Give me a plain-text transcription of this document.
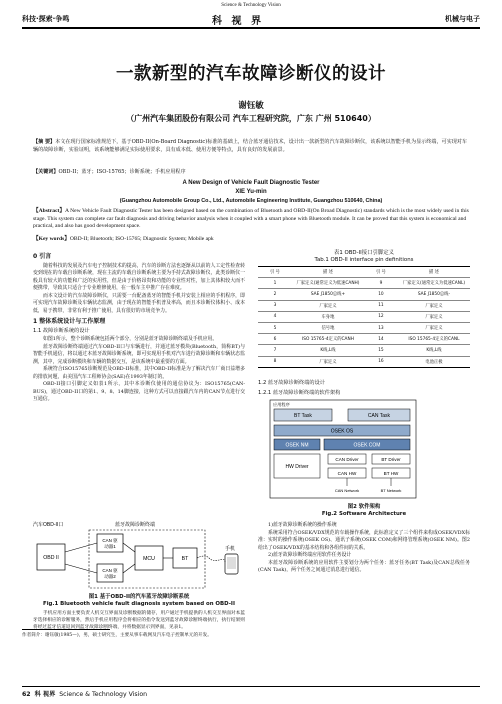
Science & Technology Vision
科技·探索·争鸣	科 视 界	机械与电子
一款新型的汽车故障诊断仪的设计
谢钰敏
（广州汽车集团股份有限公司 汽车工程研究院，广东 广州 510640）
【摘 要】本文在现行国家标准规范下，基于OBD-II(On-Board Diagnostic)标准的基础上，结合蓝牙通信技术，设计出一款新型的汽车故障诊断仪，该系统以智能手机为显示终端，可实现对车辆的故障诊断，实验证明，该系统能够满足实际使用要求，具有成本低、使用方便等特点，具有良好的发展前景。
【关键词】OBD-II；蓝牙；ISO-15765；诊断系统；手机应用程序
A New Design of Vehicle Fault Diagnostic Tester
XIE Yu-min
(Guangzhou Automobile Group Co., Ltd., Automobile Engineering Institute, Guangzhou 510640, China)
【Abstract】A New Vehicle Fault Diagnostic Tester has been designed based on the combination of Bluetooth and OBD-II(On Broad Diagnostic) standards which is the most widely used in this stage. This system can complete car fault diagnosis and driving behavior analysis when it coupled with a smart phone with Bluetooth module. It can be proved that this system is economical and practical, and also has good development space.
【Key words】OBD-II; Bluetooth; ISO-15765; Diagnostic System; Mobile apk

0 引言

随着科技的发展及汽车电子控制技术的提高，汽车的诊断方法也逐渐从以前的人工定性检查转变到现在的车载自诊断系统，现在主流的车载自诊断系统主要为手持式故障诊断仪，此类诊断仪一般具有较大的功能和广泛的实用性，但是由于价格昂贵和功能的专业性对性，加上其体积较大而不便携带，导致其只适合于专业维修使用，在一般车主中推广存在难度。

而本文设计的汽车故障诊断仪，只需要一台配备蓝牙的智能手机并安装上相应的手机程序，即可实现汽车故障诊断及车辆状态监测，由于现在的智能手机普及率高，而且本诊断仪体积小、成本低，易于携带，非常有利于推广使用，具有很好的市场竞争力。

1 整体系统设计与工作原理

1.1 故障诊断系统的设计

如图1所示，整个诊断系统包括两个部分，分别是蓝牙故障诊断终端及手机应用。

蓝牙故障诊断终端通过汽车OBD-II口与车辆进行，并通过蓝牙模块(Bluetooth，简称BT)与智能手机通信，将以通过本蓝牙故障诊断系统，即可实现用手机对汽车进行故障诊断和车辆状态监测，其中，完成诊断模块和车辆的数据交互，是该系统中最重要的方面。

系统符合ISO15765诊断规范及OBD-II标准，其中OBD-II标准是为了解决汽车厂商日益增多的排放问题，由美国汽车工程师协会(SAE)在1993年制订的。

OBD-II接口引脚定义如表1所示，其中本诊断仪使用的通信协议为：ISO15765(CAN-BUS)，通过OBD-II口的第1、9、8、14脚连接，这种方式可以直接跟汽车内的CAN节点进行交互通信。

汽车OBD-II口	蓝牙故障诊断终端
OBD II
CAN 驱
动器1
CAN 驱
动器2
MCU	BT
手机
图1 基于OBD-II的汽车蓝牙故障诊断系统
Fig.1 Bluetooth vehicle fault diagnosis system based on OBD-II

手机应用方面主要负责人机交互界面及诊断数据的储存，用户通过手机提供的人机交互界面对本蓝牙选择相应的诊断服务，然后手机应用程序会将相应的指令发送到蓝牙故障诊断终端执行，执行结果则将经过蓝牙信道返回到蓝牙故障诊断终端，并将数据显示到界面，见表1。

表1 OBD-II接口引脚定义
Tab.1 OBD-II interface pin definitions
引 号	描 述	引 号	描 述
1	厂家定义(通常定义为低速CANH)	9	厂家定义(通常定义为低速CANL)
2	SAE J1850总线+	10	SAE J1850总线-
3	厂家定义	11	厂家定义
4	车身地	12	厂家定义
5	信号地	13	厂家定义
6	ISO 15765-4定义的CANH	14	ISO 15765-4定义的CANL
7	K线,L线	15	K线,L线
8	厂家定义	16	电池正极

1.2 蓝牙故障诊断终端的设计

1.2.1 蓝牙故障诊断终端的软件架构

应用程序
BT Task	CAN Task
OSEK OS
OSEK NM	OSEK COM
HW Driver
CAN Driver	BT Driver
CAN HW	BT HW
CAN Network	BT Network
图2 软件架构
Fig.2 Software Architecture

1)蓝牙故障诊断系统的操作系统

系统采用符合OSEK/VDX规范的车载操作系统，此标准定义了三个组件来构成OSEK/VDX标准：实时的操作系统(OSEK OS)、通讯子系统(OSEK COM)和网络管理系统(OSEK NM)。图2给出了OSEK/VDX的基本结构和各组件间的关系。

2)蓝牙故障诊断终端应用软件任务设计

本蓝牙故障诊断系统的应用软件主要划分为两个任务：蓝牙任务(BT Task)及CAN总线任务(CAN Task)，两个任务之间通过消息进行通信。

作者简介：谢钰敏(1985—)，男，硕士研究生，主要从事车载网及汽车电子控制单元的开发。
62 科 视界 Science & Technology Vision
